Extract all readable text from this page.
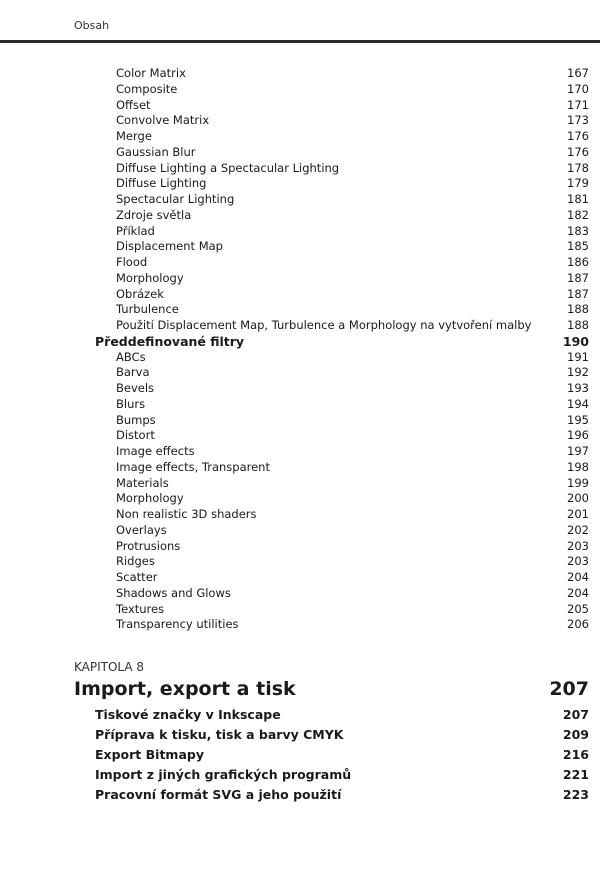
Obsah
Color Matrix	167
Composite	170
Offset	171
Convolve Matrix	173
Merge	176
Gaussian Blur	176
Diffuse Lighting a Spectacular Lighting	178
Diffuse Lighting	179
Spectacular Lighting	181
Zdroje světla	182
Příklad	183
Displacement Map	185
Flood	186
Morphology	187
Obrázek	187
Turbulence	188
Použití Displacement Map, Turbulence a Morphology na vytvoření malby	188
Předdefinované filtry	190
ABCs	191
Barva	192
Bevels	193
Blurs	194
Bumps	195
Distort	196
Image effects	197
Image effects, Transparent	198
Materials	199
Morphology	200
Non realistic 3D shaders	201
Overlays	202
Protrusions	203
Ridges	203
Scatter	204
Shadows and Glows	204
Textures	205
Transparency utilities	206
KAPITOLA 8
Import, export a tisk	207
Tiskové značky v Inkscape	207
Příprava k tisku, tisk a barvy CMYK	209
Export Bitmapy	216
Import z jiných grafických programů	221
Pracovní formát SVG a jeho použití	223
